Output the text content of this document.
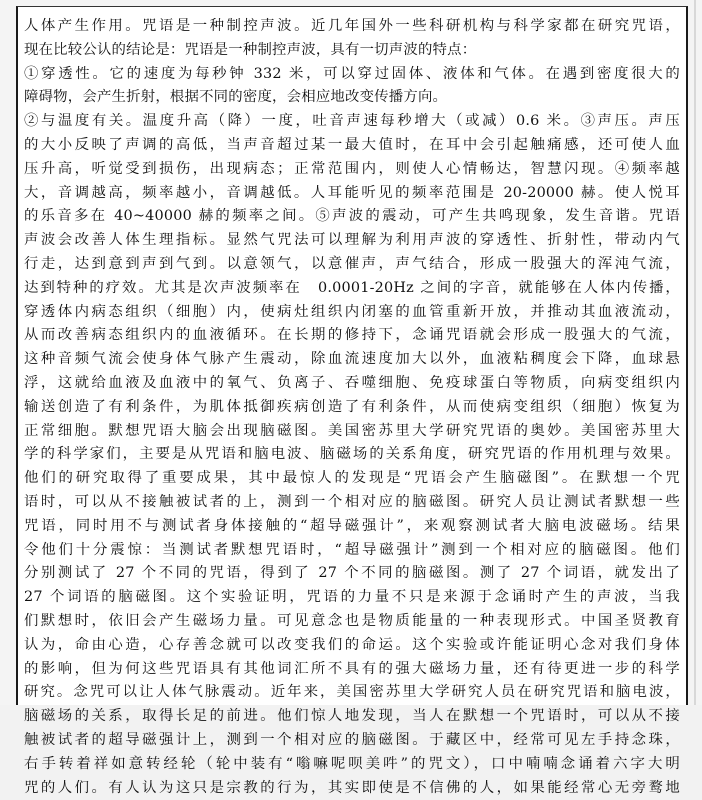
人体产生作用。咒语是一种制控声波。近几年国外一些科研机构与科学家都在研究咒语，
现在比较公认的结论是：咒语是一种制控声波，具有一切声波的特点：
①穿透性。它的速度为每秒钟 332 米，可以穿过固体、液体和气体。在遇到密度很大的
障碍物，会产生折射，根据不同的密度，会相应地改变传播方向。
②与温度有关。温度升高（降）一度，吐音声速每秒增大（或减）0.6 米。③声压。声压
的大小反映了声调的高低，当声音超过某一最大值时，在耳中会引起触痛感，还可使人血
压升高，听觉受到损伤，出现病态；正常范围内，则使人心情畅达，智慧闪现。④频率越
大，音调越高，频率越小，音调越低。人耳能听见的频率范围是 20-20000 赫。使人悦耳
的乐音多在 40~40000 赫的频率之间。⑤声波的震动，可产生共鸣现象，发生音谐。咒语
声波会改善人体生理指标。显然气咒法可以理解为利用声波的穿透性、折射性，带动内气
行走，达到意到声到气到。以意领气，以意催声，声气结合，形成一股强大的浑沌气流，
达到特种的疗效。尤其是次声波频率在　0.0001-20Hz 之间的字音，就能够在人体内传播，
穿透体内病态组织（细胞）内，使病灶组织内闭塞的血管重新开放，并推动其血液流动，
从而改善病态组织内的血液循环。在长期的修持下，念诵咒语就会形成一股强大的气流，
这种音频气流会使身体气脉产生震动，除血流速度加大以外，血液粘稠度会下降，血球悬
浮，这就给血液及血液中的氧气、负离子、吞噬细胞、免疫球蛋白等物质，向病变组织内
输送创造了有利条件，为肌体抵御疾病创造了有利条件，从而使病变组织（细胞）恢复为
正常细胞。默想咒语大脑会出现脑磁图。美国密苏里大学研究咒语的奥妙。美国密苏里大
学的科学家们，主要是从咒语和脑电波、脑磁场的关系角度，研究咒语的作用机理与效果。
他们的研究取得了重要成果，其中最惊人的发现是“咒语会产生脑磁图”。在默想一个咒
语时，可以从不接触被试者的上，测到一个相对应的脑磁图。研究人员让测试者默想一些
咒语，同时用不与测试者身体接触的“超导磁强计”，来观察测试者大脑电波磁场。结果
令他们十分震惊：当测试者默想咒语时，“超导磁强计”测到一个相对应的脑磁图。他们
分别测试了 27 个不同的咒语，得到了 27 个不同的脑磁图。测了 27 个词语，就发出了
27 个词语的脑磁图。这个实验证明，咒语的力量不只是来源于念诵时产生的声波，当我
们默想时，依旧会产生磁场力量。可见意念也是物质能量的一种表现形式。中国圣贤教育
认为，命由心造，心存善念就可以改变我们的命运。这个实验或许能证明心念对我们身体
的影响，但为何这些咒语具有其他词汇所不具有的强大磁场力量，还有待更进一步的科学
研究。念咒可以让人体气脉震动。近年来，美国密苏里大学研究人员在研究咒语和脑电波，
脑磁场的关系，取得长足的前进。他们惊人地发现，当人在默想一个咒语时，可以从不接
触被试者的超导磁强计上，测到一个相对应的脑磁图。于藏区中，经常可见左手持念珠，
右手转着祥如意转经轮（轮中装有“嗡嘛呢呗美吽”的咒文），口中喃喃念诵着六字大明
咒的人们。有人认为这只是宗教的行为，其实即使是不信佛的人，如果能经常心无旁鹜地
